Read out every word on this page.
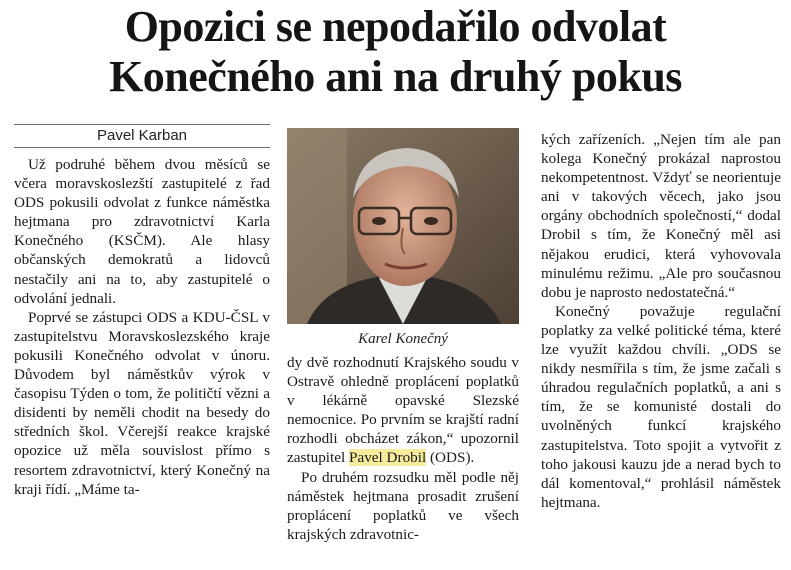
Opozici se nepodařilo odvolat
Konečného ani na druhý pokus
Pavel Karban

Už podruhé během dvou měsíců se včera moravskoslezští zastupitelé z řad ODS pokusili odvolat z funkce náměstka hejtmana pro zdravotnictví Karla Konečného (KSČM). Ale hlasy občanských demokratů a lidovců nestačily ani na to, aby zastupitelé o odvolání jednali.

Poprvé se zástupci ODS a KDU-ČSL v zastupitelstvu Moravskoslezského kraje pokusili Konečného odvolat v únoru. Důvodem byl náměstkův výrok v časopisu Týden o tom, že političtí vězni a disidenti by neměli chodit na besedy do středních škol. Včerejší reakce krajské opozice už měla souvislost přímo s resortem zdravotnictví, který Konečný na kraji řídí. „Máme ta-

Karel Konečný

dy dvě rozhodnutí Krajského soudu v Ostravě ohledně proplácení poplatků v lékárně opavské Slezské nemocnice. Po prvním se krajští radní rozhodli obcházet zákon,“ upozornil zastupitel Pavel Drobil (ODS).

Po druhém rozsudku měl podle něj náměstek hejtmana prosadit zrušení proplácení poplatků ve všech krajských zdravotnic-

kých zařízeních. „Nejen tím ale pan kolega Konečný prokázal naprostou nekompetentnost. Vždyť se neorientuje ani v takových věcech, jako jsou orgány obchodních společností,“ dodal Drobil s tím, že Konečný měl asi nějakou erudici, která vyhovovala minulému režimu. „Ale pro současnou dobu je naprosto nedostatečná.“

Konečný považuje regulační poplatky za velké politické téma, které lze využít každou chvíli. „ODS se nikdy nesmířila s tím, že jsme začali s úhradou regulačních poplatků, a ani s tím, že se komunisté dostali do uvolněných funkcí krajského zastupitelstva. Toto spojit a vytvořit z toho jakousi kauzu jde a nerad bych to dál komentoval,“ prohlásil náměstek hejtmana.
